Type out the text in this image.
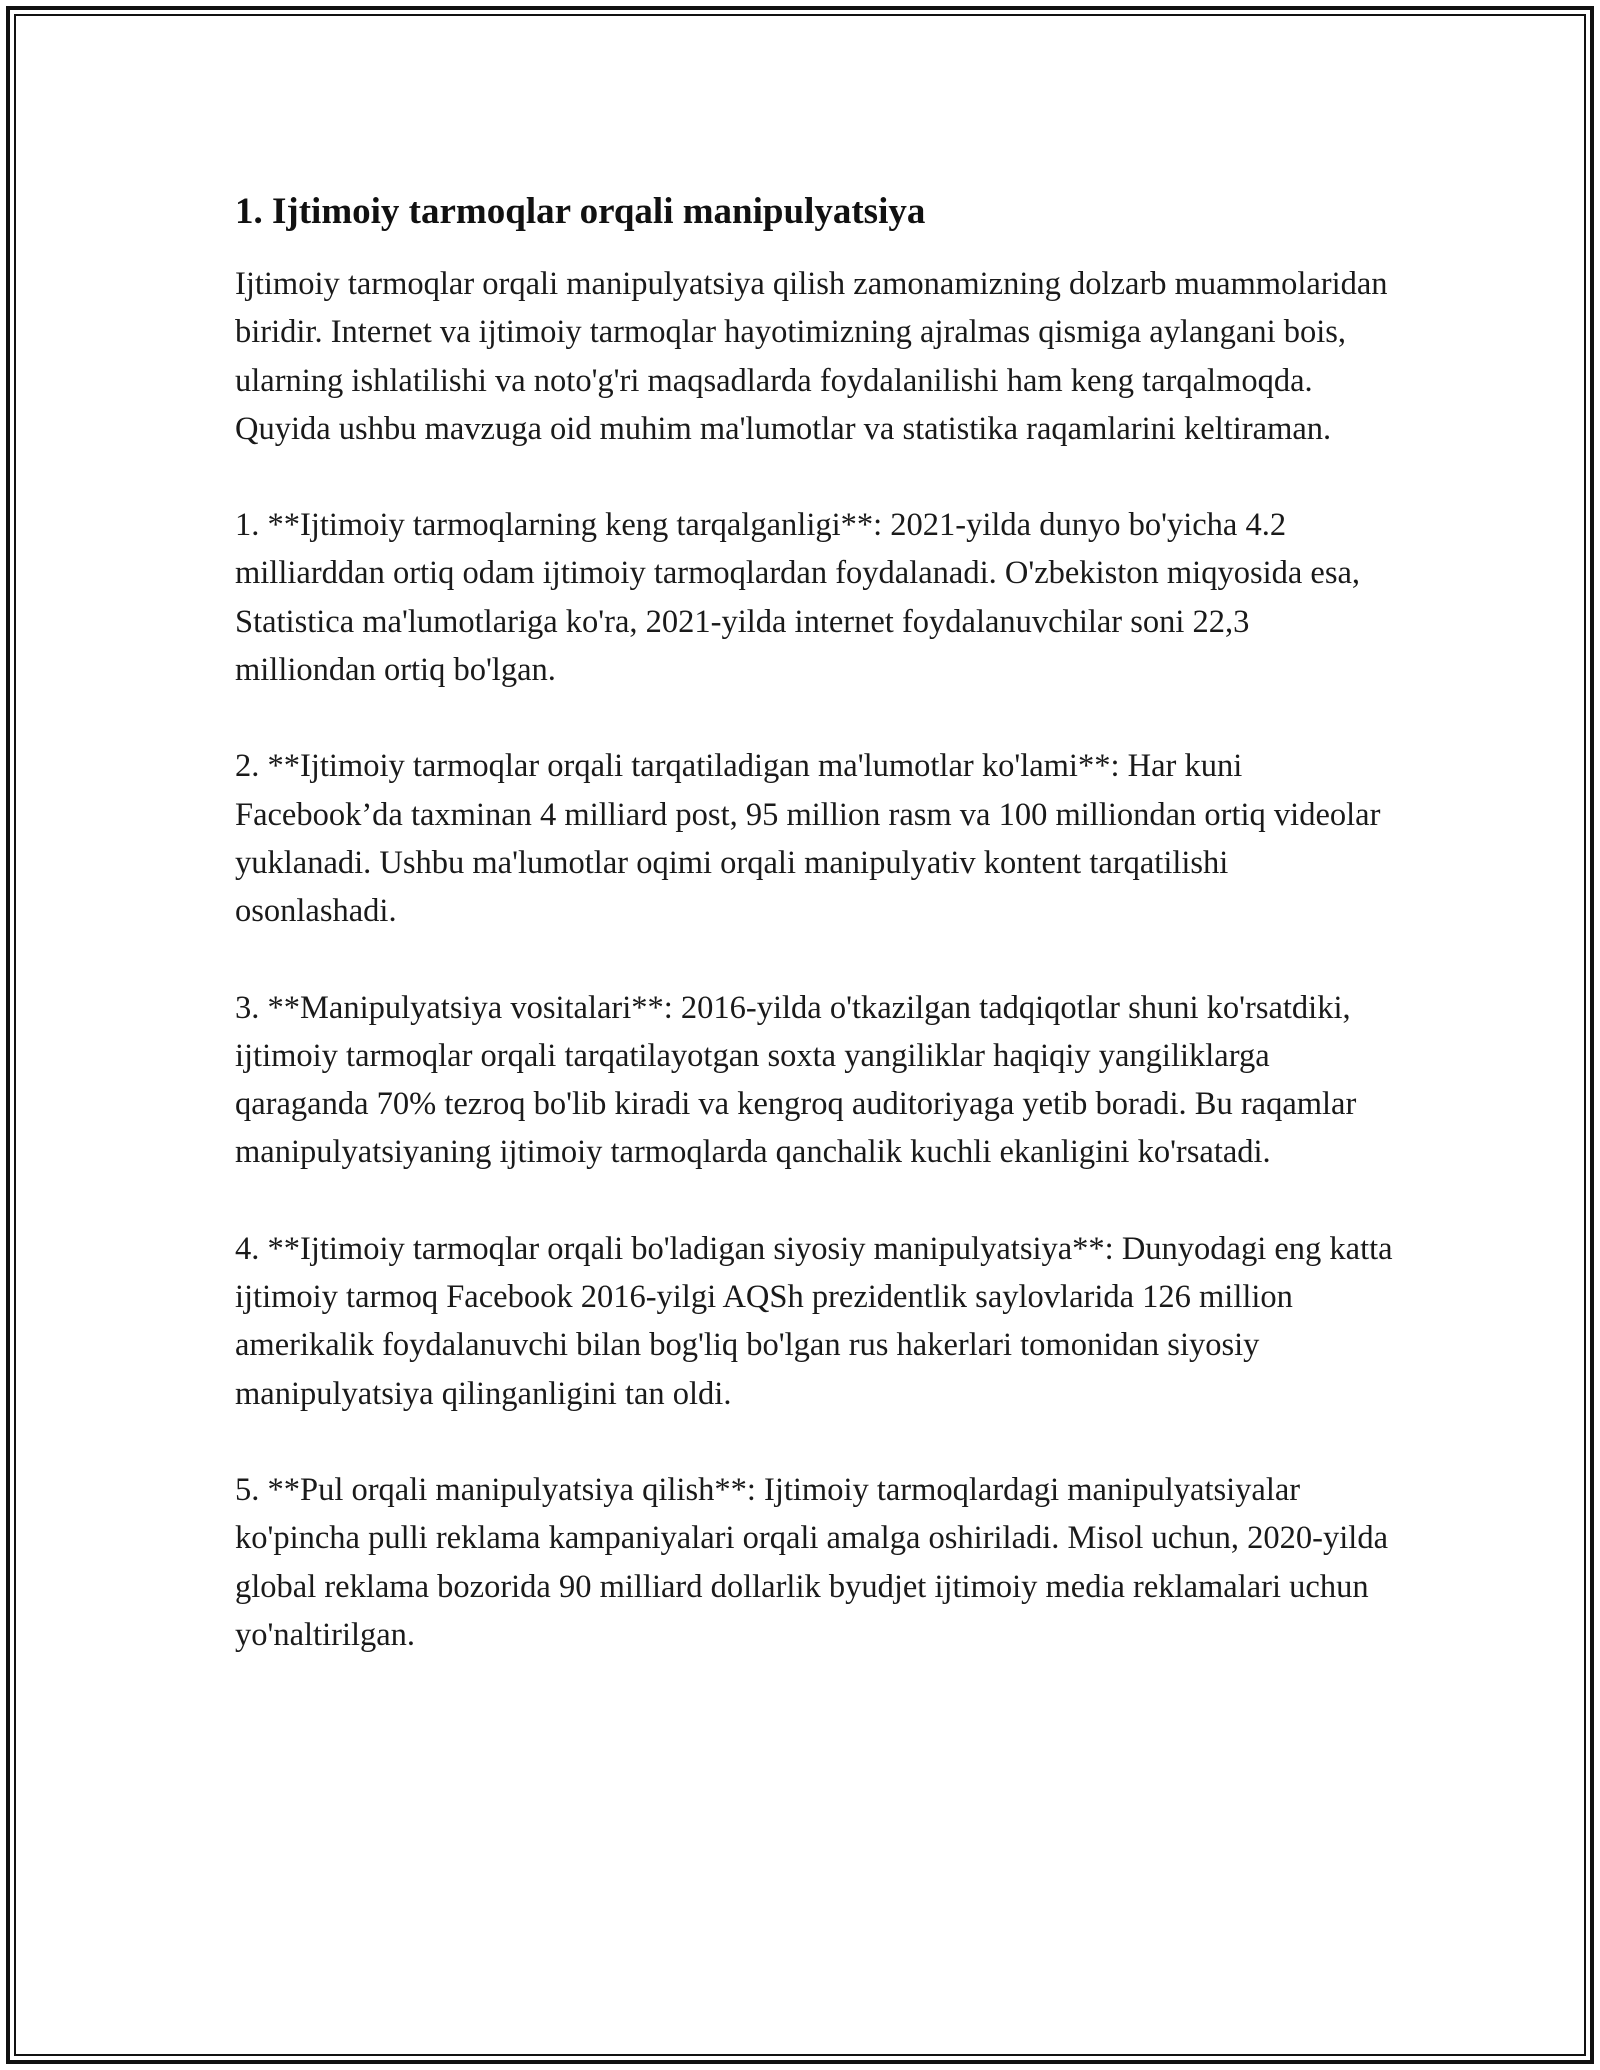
1. Ijtimoiy tarmoqlar orqali manipulyatsiya

Ijtimoiy tarmoqlar orqali manipulyatsiya qilish zamonamizning dolzarb muammolaridan biridir. Internet va ijtimoiy tarmoqlar hayotimizning ajralmas qismiga aylangani bois, ularning ishlatilishi va noto'g'ri maqsadlarda foydalanilishi ham keng tarqalmoqda. Quyida ushbu mavzuga oid muhim ma'lumotlar va statistika raqamlarini keltiraman.

1. **Ijtimoiy tarmoqlarning keng tarqalganligi**: 2021-yilda dunyo bo'yicha 4.2 milliarddan ortiq odam ijtimoiy tarmoqlardan foydalanadi. O'zbekiston miqyosida esa, Statistica ma'lumotlariga ko'ra, 2021-yilda internet foydalanuvchilar soni 22,3 milliondan ortiq bo'lgan.

2. **Ijtimoiy tarmoqlar orqali tarqatiladigan ma'lumotlar ko'lami**: Har kuni Facebook’da taxminan 4 milliard post, 95 million rasm va 100 milliondan ortiq videolar yuklanadi. Ushbu ma'lumotlar oqimi orqali manipulyativ kontent tarqatilishi osonlashadi.

3. **Manipulyatsiya vositalari**: 2016-yilda o'tkazilgan tadqiqotlar shuni ko'rsatdiki, ijtimoiy tarmoqlar orqali tarqatilayotgan soxta yangiliklar haqiqiy yangiliklarga qaraganda 70% tezroq bo'lib kiradi va kengroq auditoriyaga yetib boradi. Bu raqamlar manipulyatsiyaning ijtimoiy tarmoqlarda qanchalik kuchli ekanligini ko'rsatadi.

4. **Ijtimoiy tarmoqlar orqali bo'ladigan siyosiy manipulyatsiya**: Dunyodagi eng katta ijtimoiy tarmoq Facebook 2016-yilgi AQSh prezidentlik saylovlarida 126 million amerikalik foydalanuvchi bilan bog'liq bo'lgan rus hakerlari tomonidan siyosiy manipulyatsiya qilinganligini tan oldi.

5. **Pul orqali manipulyatsiya qilish**: Ijtimoiy tarmoqlardagi manipulyatsiyalar ko'pincha pulli reklama kampaniyalari orqali amalga oshiriladi. Misol uchun, 2020-yilda global reklama bozorida 90 milliard dollarlik byudjet ijtimoiy media reklamalari uchun yo'naltirilgan.
